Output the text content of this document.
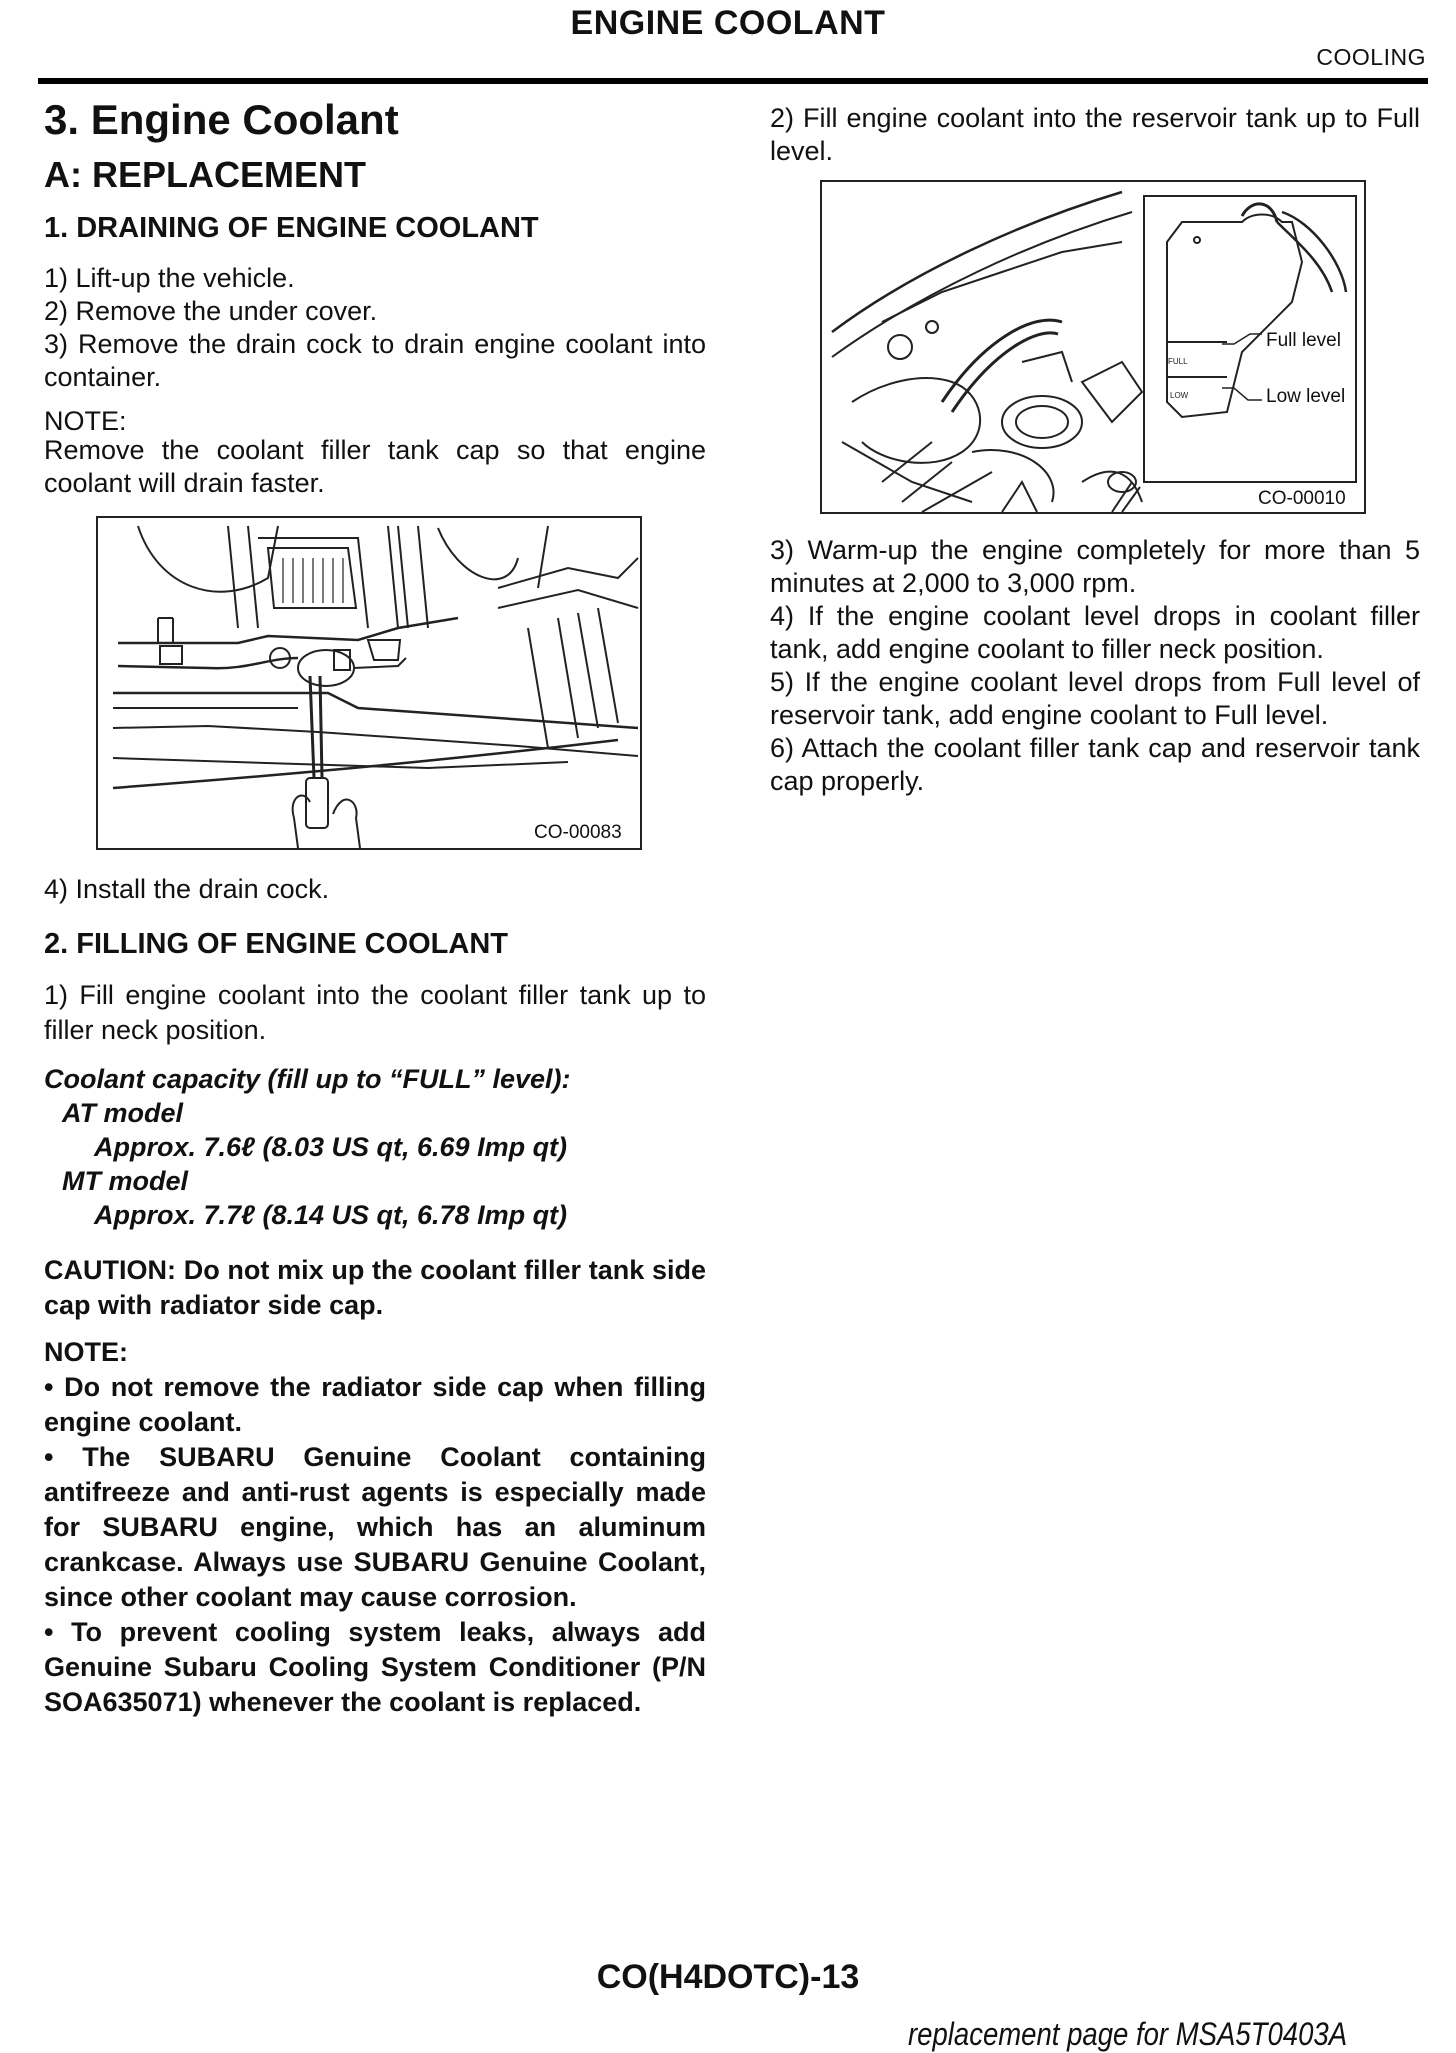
ENGINE COOLANT
COOLING
3. Engine Coolant
A: REPLACEMENT
1. DRAINING OF ENGINE COOLANT
1) Lift-up the vehicle.
2) Remove the under cover.
3) Remove the drain cock to drain engine coolant into container.
NOTE:
Remove the coolant filler tank cap so that engine coolant will drain faster.
CO-00083
4) Install the drain cock.
2. FILLING OF ENGINE COOLANT
1) Fill engine coolant into the coolant filler tank up to filler neck position.
Coolant capacity (fill up to “FULL” level):
AT model
Approx. 7.6ℓ (8.03 US qt, 6.69 Imp qt)
MT model
Approx. 7.7ℓ (8.14 US qt, 6.78 Imp qt)
CAUTION: Do not mix up the coolant filler tank side cap with radiator side cap.
NOTE:
• Do not remove the radiator side cap when filling engine coolant.
• The SUBARU Genuine Coolant containing antifreeze and anti-rust agents is especially made for SUBARU engine, which has an aluminum crankcase. Always use SUBARU Genuine Coolant, since other coolant may cause corrosion.
• To prevent cooling system leaks, always add Genuine Subaru Cooling System Conditioner (P/N SOA635071) whenever the coolant is replaced.
2) Fill engine coolant into the reservoir tank up to Full level.
FULL
LOW
Full level
Low level
CO-00010
3) Warm-up the engine completely for more than 5 minutes at 2,000 to 3,000 rpm.
4) If the engine coolant level drops in coolant filler tank, add engine coolant to filler neck position.
5) If the engine coolant level drops from Full level of reservoir tank, add engine coolant to Full level.
6) Attach the coolant filler tank cap and reservoir tank cap properly.
CO(H4DOTC)-13
replacement page for MSA5T0403A
